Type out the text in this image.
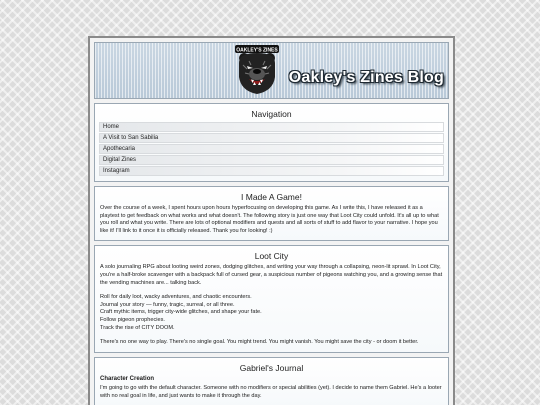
OAKLEY'S ZINES
Oakley's Zines Blog
Navigation
Home
A Visit to San Sabilia
Apothecaria
Digital Zines
Instagram
I Made A Game!
Over the course of a week, I spent hours upon hours hyperfocusing on developing this game. As I write this, I have released it as a playtest to get feedback on what works and what doesn't. The following story is just one way that Loot City could unfold. It's all up to what you roll and what you write. There are lots of optional modifiers and quests and all sorts of stuff to add flavor to your narrative. I hope you like it! I'll link to it once it is officially released. Thank you for looking! :)
Loot City
A solo journaling RPG about looting weird zones, dodging glitches, and writing your way through a collapsing, neon-lit sprawl. In Loot City, you're a half-broke scavenger with a backpack full of cursed gear, a suspicious number of pigeons watching you, and a growing sense that the vending machines are... talking back.
Roll for daily loot, wacky adventures, and chaotic encounters.
Journal your story — funny, tragic, surreal, or all three.
Craft mythic items, trigger city-wide glitches, and shape your fate.
Follow pigeon prophecies.
Track the rise of CITY DOOM.
There's no one way to play. There's no single goal. You might trend. You might vanish. You might save the city - or doom it better.
Gabriel's Journal
Character Creation
I'm going to go with the default character. Someone with no modifiers or special abilities (yet). I decide to name them Gabriel. He's a looter with no real goal in life, and just wants to make it through the day.
